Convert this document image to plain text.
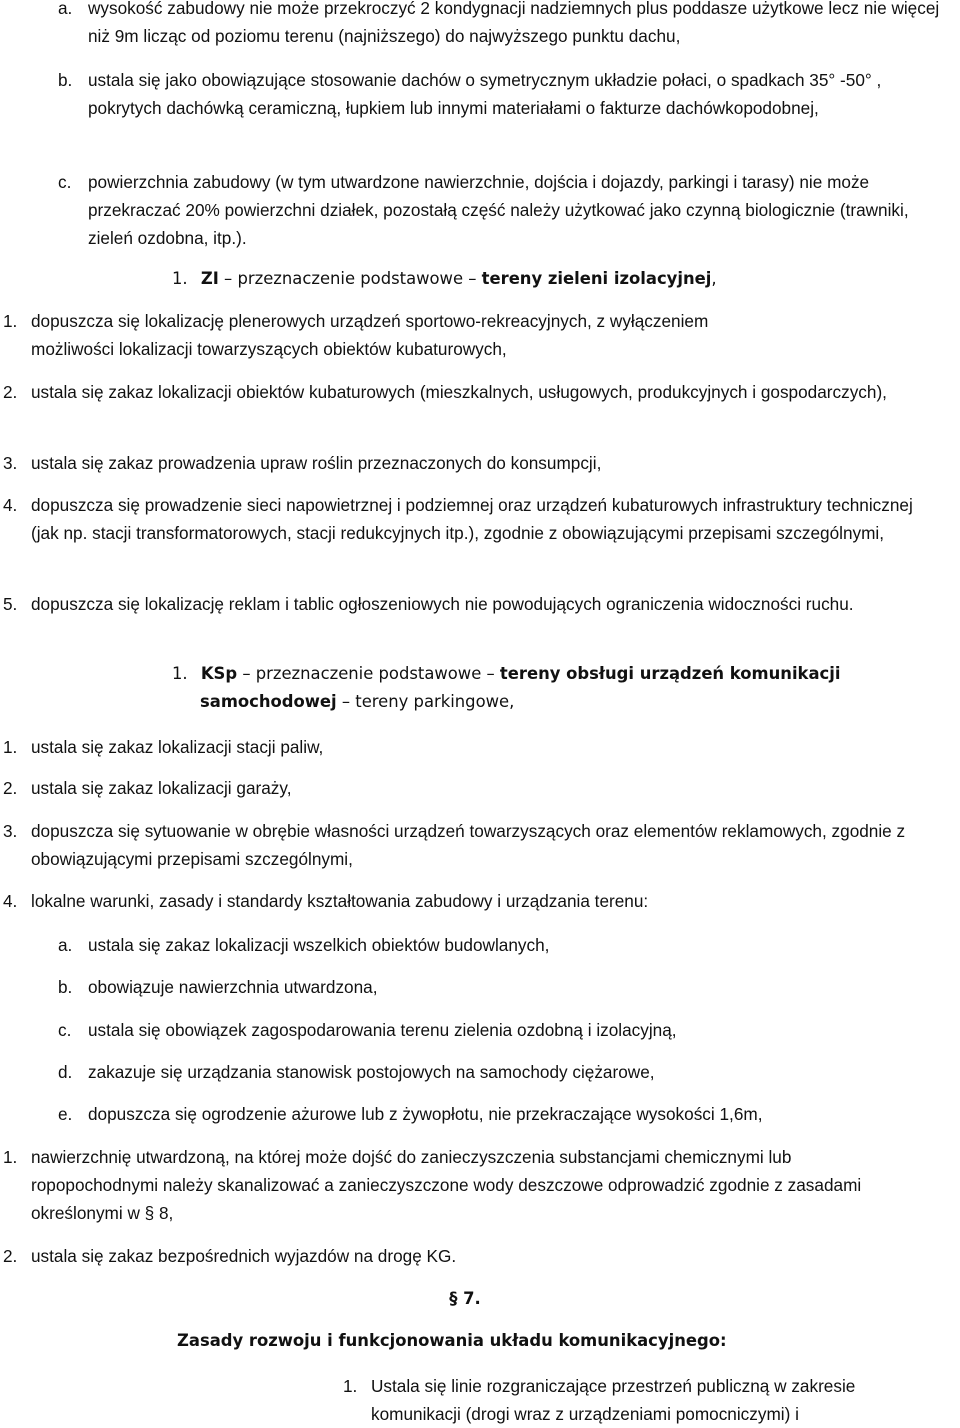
a. wysokość zabudowy nie może przekroczyć 2 kondygnacji nadziemnych plus poddasze użytkowe lecz nie więcej niż 9m licząc od poziomu terenu (najniższego) do najwyższego punktu dachu,
b. ustala się jako obowiązujące stosowanie dachów o symetrycznym układzie połaci, o spadkach 35° -50° , pokrytych dachówką ceramiczną, łupkiem lub innymi materiałami o fakturze dachówkopodobnej,
c. powierzchnia zabudowy (w tym utwardzone nawierzchnie, dojścia i dojazdy, parkingi i tarasy) nie może przekraczać 20% powierzchni działek, pozostałą część należy użytkować jako czynną biologicznie (trawniki, zieleń ozdobna, itp.).
1. ZI – przeznaczenie podstawowe – tereny zieleni izolacyjnej,
1. dopuszcza się lokalizację plenerowych urządzeń sportowo-rekreacyjnych, z wyłączeniem możliwości lokalizacji towarzyszących obiektów kubaturowych,
2. ustala się zakaz lokalizacji obiektów kubaturowych (mieszkalnych, usługowych, produkcyjnych i gospodarczych),
3. ustala się zakaz prowadzenia upraw roślin przeznaczonych do konsumpcji,
4. dopuszcza się prowadzenie sieci napowietrznej i podziemnej oraz urządzeń kubaturowych infrastruktury technicznej (jak np. stacji transformatorowych, stacji redukcyjnych itp.), zgodnie z obowiązującymi przepisami szczególnymi,
5. dopuszcza się lokalizację reklam i tablic ogłoszeniowych nie powodujących ograniczenia widoczności ruchu.
1. KSp – przeznaczenie podstawowe – tereny obsługi urządzeń komunikacji
samochodowej – tereny parkingowe,
1. ustala się zakaz lokalizacji stacji paliw,
2. ustala się zakaz lokalizacji garaży,
3. dopuszcza się sytuowanie w obrębie własności urządzeń towarzyszących oraz elementów reklamowych, zgodnie z obowiązującymi przepisami szczególnymi,
4. lokalne warunki, zasady i standardy kształtowania zabudowy i urządzania terenu:
a. ustala się zakaz lokalizacji wszelkich obiektów budowlanych,
b. obowiązuje nawierzchnia utwardzona,
c. ustala się obowiązek zagospodarowania terenu zielenia ozdobną i izolacyjną,
d. zakazuje się urządzania stanowisk postojowych na samochody ciężarowe,
e. dopuszcza się ogrodzenie ażurowe lub z żywopłotu, nie przekraczające wysokości 1,6m,
1. nawierzchnię utwardzoną, na której może dojść do zanieczyszczenia substancjami chemicznymi lub ropopochodnymi należy skanalizować a zanieczyszczone wody deszczowe odprowadzić zgodnie z zasadami określonymi w § 8,
2. ustala się zakaz bezpośrednich wyjazdów na drogę KG.
§ 7.
Zasady rozwoju i funkcjonowania układu komunikacyjnego:
1. Ustala się linie rozgraniczające przestrzeń publiczną w zakresie komunikacji (drogi wraz z urządzeniami pomocniczymi) i
